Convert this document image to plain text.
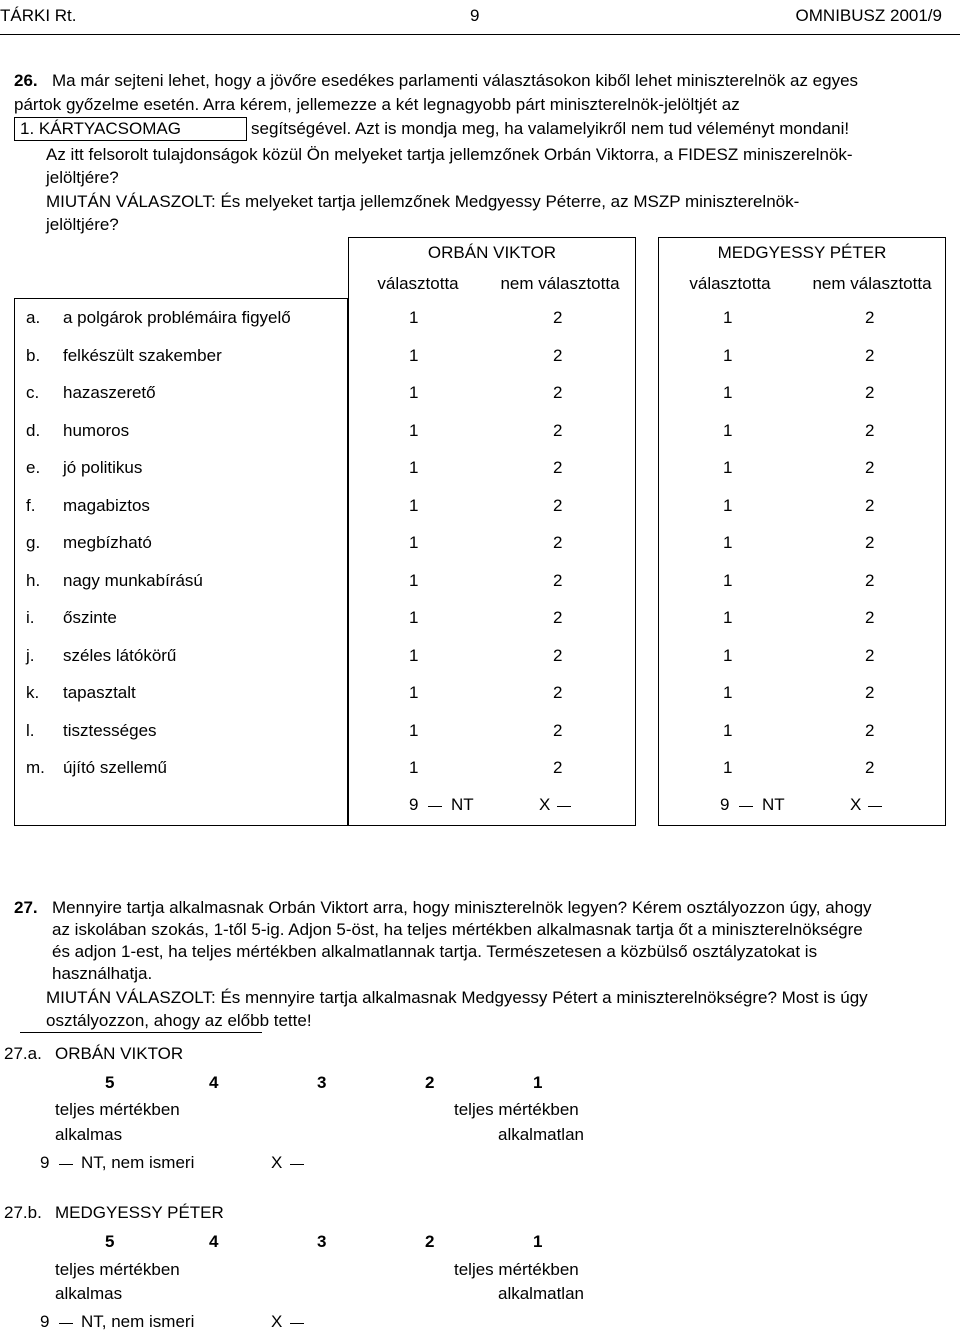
TÁRKI Rt.	9	OMNIBUSZ 2001/9
26. Ma már sejteni lehet, hogy a jövőre esedékes parlamenti választásokon kiből lehet miniszterelnök az egyes
pártok győzelme esetén. Arra kérem, jellemezze a két legnagyobb párt miniszterelnök-jelöltjét az
1. KÁRTYACSOMAG	segítségével. Azt is mondja meg, ha valamelyikről nem tud véleményt mondani!
Az itt felsorolt tulajdonságok közül Ön melyeket tartja jellemzőnek Orbán Viktorra, a FIDESZ miniszerelnök-
jelöltjére?
MIUTÁN VÁLASZOLT: És melyeket tartja jellemzőnek Medgyessy Péterre, az MSZP miniszterelnök-
jelöltjére?
ORBÁN VIKTOR	MEDGYESSY PÉTER
választotta	nem választotta	választotta	nem választotta
a. a polgárok problémáira figyelő	1	2	1	2
b. felkészült szakember	1	2	1	2
c. hazaszerető	1	2	1	2
d. humoros	1	2	1	2
e. jó politikus	1	2	1	2
f. magabiztos	1	2	1	2
g. megbízható	1	2	1	2
h. nagy munkabírású	1	2	1	2
i. őszinte	1	2	1	2
j. széles látókörű	1	2	1	2
k. tapasztalt	1	2	1	2
l. tisztességes	1	2	1	2
m. újító szellemű	1	2	1	2
9 NT	X	9 NT	X
27. Mennyire tartja alkalmasnak Orbán Viktort arra, hogy miniszterelnök legyen? Kérem osztályozzon úgy, ahogy
az iskolában szokás, 1-től 5-ig. Adjon 5-öst, ha teljes mértékben alkalmasnak tartja őt a miniszterelnökségre
és adjon 1-est, ha teljes mértékben alkalmatlannak tartja. Természetesen a közbülső osztályzatokat is
használhatja.
MIUTÁN VÁLASZOLT: És mennyire tartja alkalmasnak Medgyessy Pétert a miniszterelnökségre? Most is úgy
osztályozzon, ahogy az előbb tette!
27.a. ORBÁN VIKTOR
5	4	3	2	1
teljes mértékben
alkalmas
teljes mértékben
alkalmatlan
9 NT, nem ismeri	X
27.b. MEDGYESSY PÉTER
5	4	3	2	1
teljes mértékben
alkalmas
teljes mértékben
alkalmatlan
9 NT, nem ismeri	X
